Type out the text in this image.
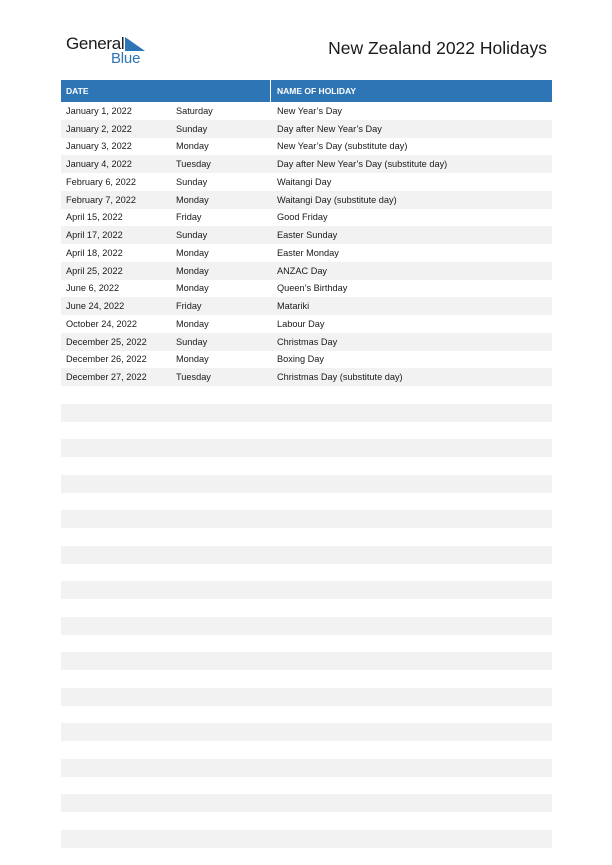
General
Blue
New Zealand 2022 Holidays
DATE	NAME OF HOLIDAY
January 1, 2022	Saturday	New Year’s Day
January 2, 2022	Sunday	Day after New Year’s Day
January 3, 2022	Monday	New Year’s Day (substitute day)
January 4, 2022	Tuesday	Day after New Year’s Day (substitute day)
February 6, 2022	Sunday	Waitangi Day
February 7, 2022	Monday	Waitangi Day (substitute day)
April 15, 2022	Friday	Good Friday
April 17, 2022	Sunday	Easter Sunday
April 18, 2022	Monday	Easter Monday
April 25, 2022	Monday	ANZAC Day
June 6, 2022	Monday	Queen’s Birthday
June 24, 2022	Friday	Matariki
October 24, 2022	Monday	Labour Day
December 25, 2022	Sunday	Christmas Day
December 26, 2022	Monday	Boxing Day
December 27, 2022	Tuesday	Christmas Day (substitute day)
